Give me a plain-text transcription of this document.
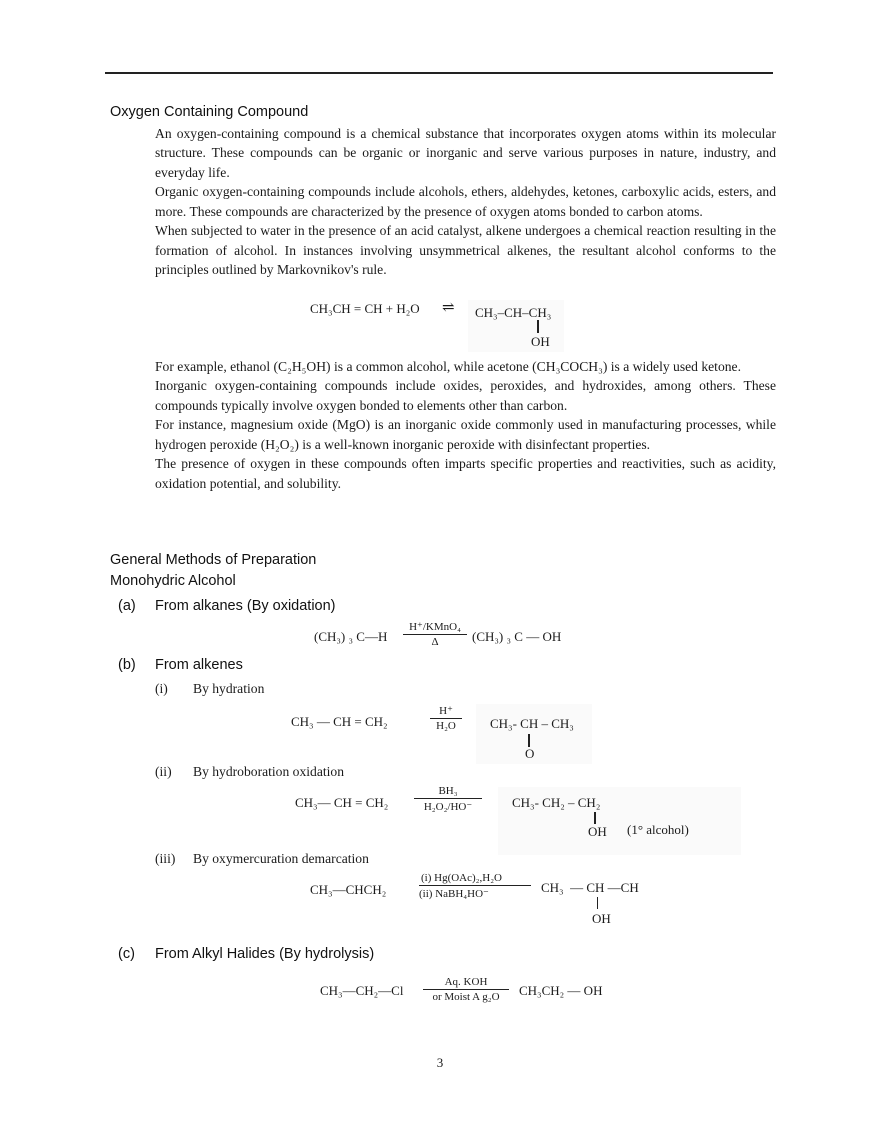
Oxygen Containing Compound

An oxygen-containing compound is a chemical substance that incorporates oxygen atoms within its molecular structure. These compounds can be organic or inorganic and serve various purposes in nature, industry, and everyday life.

Organic oxygen-containing compounds include alcohols, ethers, aldehydes, ketones, carboxylic acids, esters, and more. These compounds are characterized by the presence of oxygen atoms bonded to carbon atoms.

When subjected to water in the presence of an acid catalyst, alkene undergoes a chemical reaction resulting in the formation of alcohol. In instances involving unsymmetrical alkenes, the resultant alcohol conforms to the principles outlined by Markovnikov's rule.

CH₃CH = CH + H₂O ⇌ CH₃–CH–CH₃
OH

For example, ethanol (C₂H₅OH) is a common alcohol, while acetone (CH₃COCH₃) is a widely used ketone.

Inorganic oxygen-containing compounds include oxides, peroxides, and hydroxides, among others. These compounds typically involve oxygen bonded to elements other than carbon.

For instance, magnesium oxide (MgO) is an inorganic oxide commonly used in manufacturing processes, while hydrogen peroxide (H₂O₂) is a well-known inorganic peroxide with disinfectant properties.

The presence of oxygen in these compounds often imparts specific properties and reactivities, such as acidity, oxidation potential, and solubility.

General Methods of Preparation
Monohydric Alcohol
(a) From alkanes (By oxidation)
(CH₃) ₃ C—H
H⁺/KMnO₄
Δ	(CH₃) ₃ C — OH
(b) From alkenes
(i) By hydration
CH₃ — CH = CH₂	$\frac{H^+}{\text{H₂O}} CH_3-$ CH – CH₃
O
(ii) By hydroboration oxidation
CH₃— CH = $CH_2 \frac{\text{BH₃}}{\text{H₂O₂/HO⁻}} CH_3-$ CH₂ – CH₂
OH (1° alcohol)
(iii) By oxymercuration demarcation
CH₃—CHCH₂
(i) Hg(OAc)₂,H₂O
(ii) NaBH₄HO⁻	CH₃  — CH —CH
OH
(c) From Alkyl Halides (By hydrolysis)
CH₃—CH₂—Cl
Aq. KOH
or Moist A g₂O	CH₃CH₂ — OH
3
